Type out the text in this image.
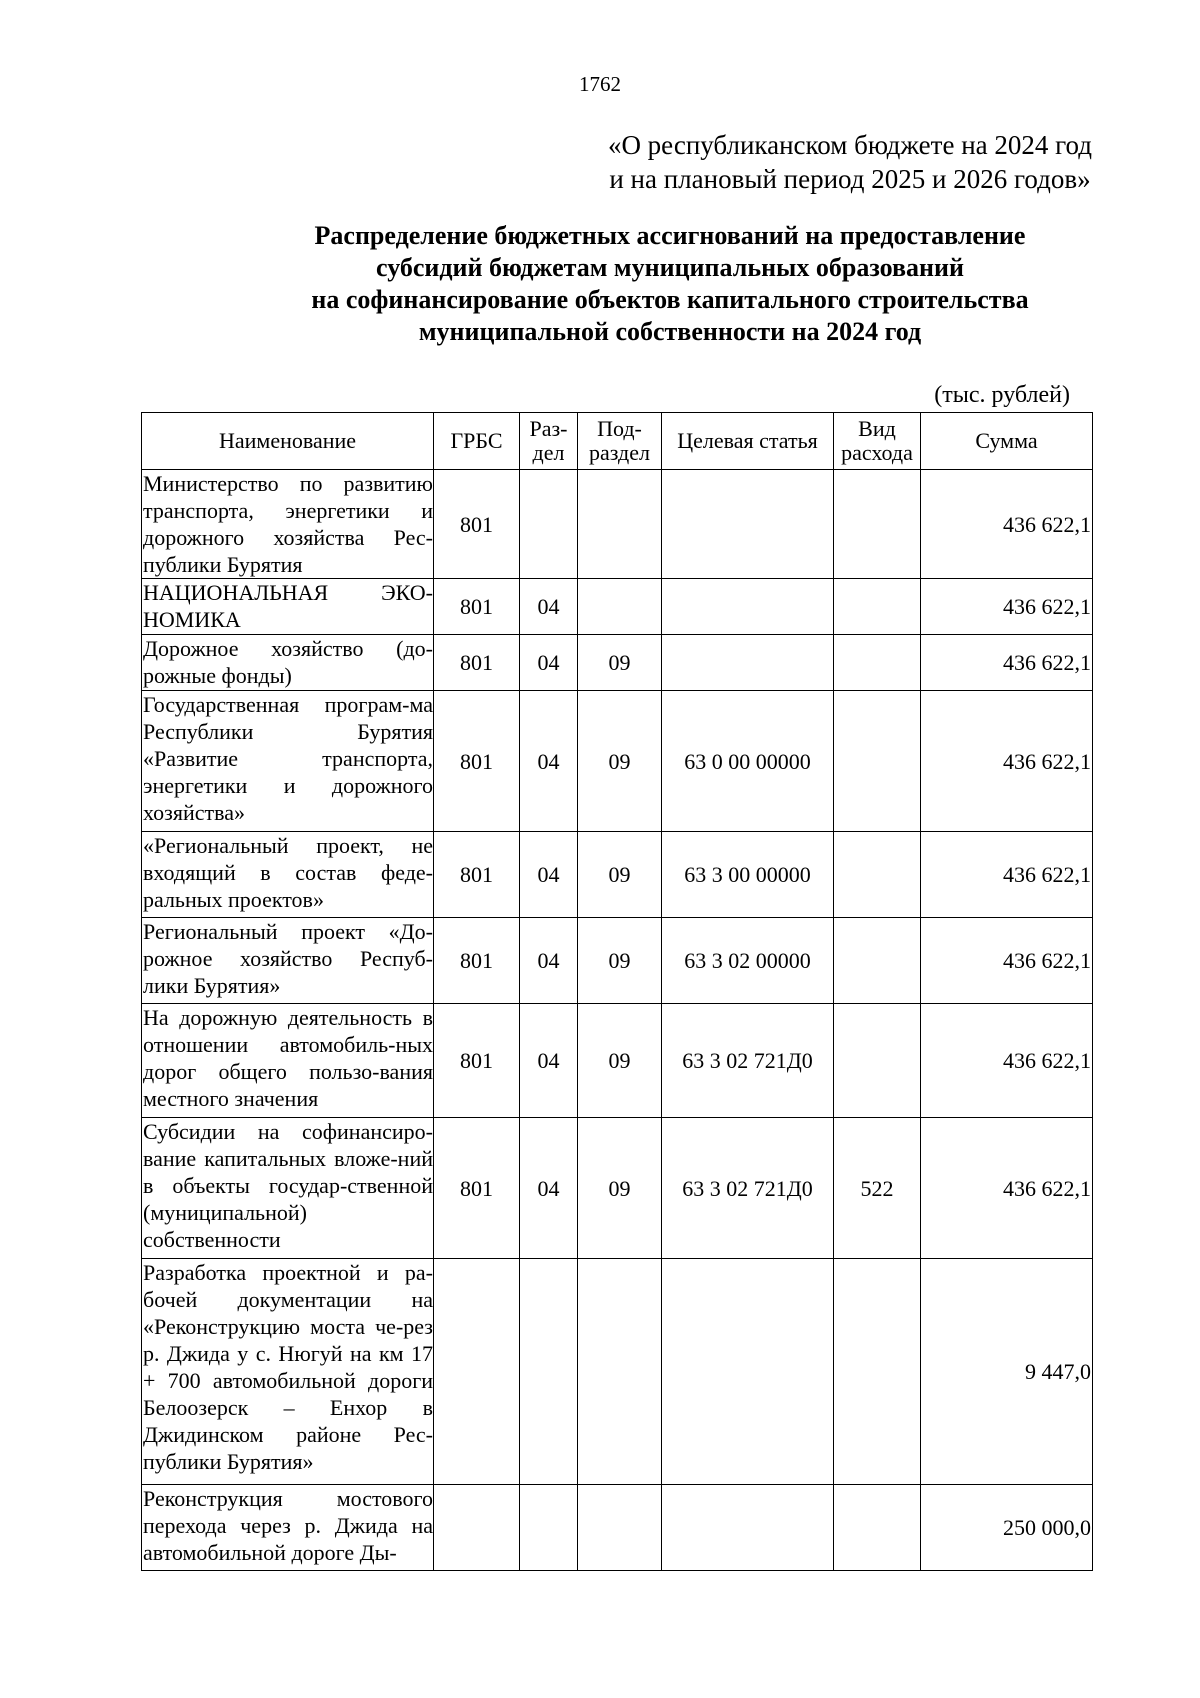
1762
«О республиканском бюджете на 2024 год
и на плановый период 2025 и 2026 годов»
Распределение бюджетных ассигнований на предоставление
субсидий бюджетам муниципальных образований
на софинансирование объектов капитального строительства
муниципальной собственности на 2024 год
(тыс. рублей)
Наименование	ГРБС	Раз-дел	Под-раздел	Целевая статья	Вид расхода	Сумма
Министерство по развитию транспорта, энергетики и дорожного хозяйства Рес-публики Бурятия	801					436 622,1
НАЦИОНАЛЬНАЯ ЭКО-НОМИКА	801	04				436 622,1
Дорожное хозяйство (до-рожные фонды)	801	04	09			436 622,1
Государственная програм-ма Республики Бурятия «Развитие транспорта, энергетики и дорожного хозяйства»	801	04	09	63 0 00 00000		436 622,1
«Региональный проект, не входящий в состав феде-ральных проектов»	801	04	09	63 3 00 00000		436 622,1
Региональный проект «До-рожное хозяйство Респуб-лики Бурятия»	801	04	09	63 3 02 00000		436 622,1
На дорожную деятельность в отношении автомобиль-ных дорог общего пользо-вания местного значения	801	04	09	63 3 02 721Д0		436 622,1
Субсидии на софинансиро-вание капитальных вложе-ний в объекты государ-ственной (муниципальной) собственности	801	04	09	63 3 02 721Д0	522	436 622,1
Разработка проектной и ра-бочей документации на «Реконструкцию моста че-рез р. Джида у с. Нюгуй на км 17 + 700 автомобильной дороги Белоозерск – Енхор в Джидинском районе Рес-публики Бурятия»						9 447,0
Реконструкция мостового перехода через р. Джида на автомобильной дороге Ды-						250 000,0
